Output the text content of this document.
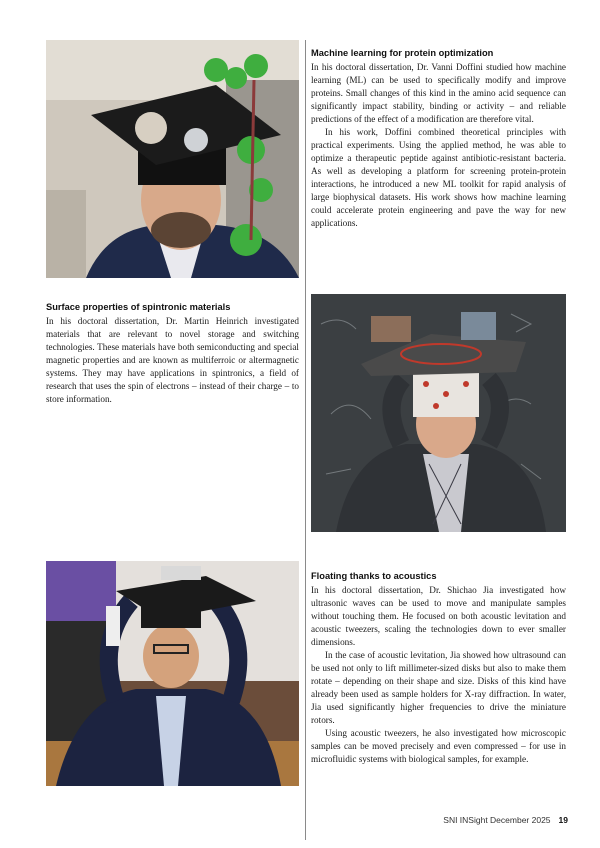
Machine learning for protein optimization

In his doctoral dissertation, Dr. Vanni Doffini studied how machine learning (ML) can be used to specifically modify and improve proteins. Small changes of this kind in the amino acid sequence can significantly impact stability, binding or activity – and reliable predictions of the effect of a modification are therefore vital.

In his work, Doffini combined theoretical principles with practical experiments. Using the applied method, he was able to optimize a therapeutic peptide against antibiotic-resistant bacteria. As well as developing a platform for screening protein-protein interactions, he introduced a new ML toolkit for rapid analysis of large biophysical datasets. His work shows how machine learning could accelerate protein engineering and pave the way for new applications.

Surface properties of spintronic materials

In his doctoral dissertation, Dr. Martin Heinrich investigated materials that are relevant to novel storage and switching technologies. These materials have both semiconducting and special magnetic properties and are known as multiferroic or altermagnetic systems. They may have applications in spintronics, a field of research that uses the spin of electrons – instead of their charge – to store information.

Floating thanks to acoustics

In his doctoral dissertation, Dr. Shichao Jia investigated how ultrasonic waves can be used to move and manipulate samples without touching them. He focused on both acoustic levitation and acoustic tweezers, scaling the technologies down to ever smaller dimensions.

In the case of acoustic levitation, Jia showed how ultrasound can be used not only to lift millimeter-sized disks but also to make them rotate – depending on their shape and size. Disks of this kind have already been used as sample holders for X-ray diffraction. In water, Jia used significantly higher frequencies to drive the miniature rotors.

Using acoustic tweezers, he also investigated how microscopic samples can be moved precisely and even compressed – for use in microfluidic systems with biological samples, for example.

SNI INSight December 2025 19
